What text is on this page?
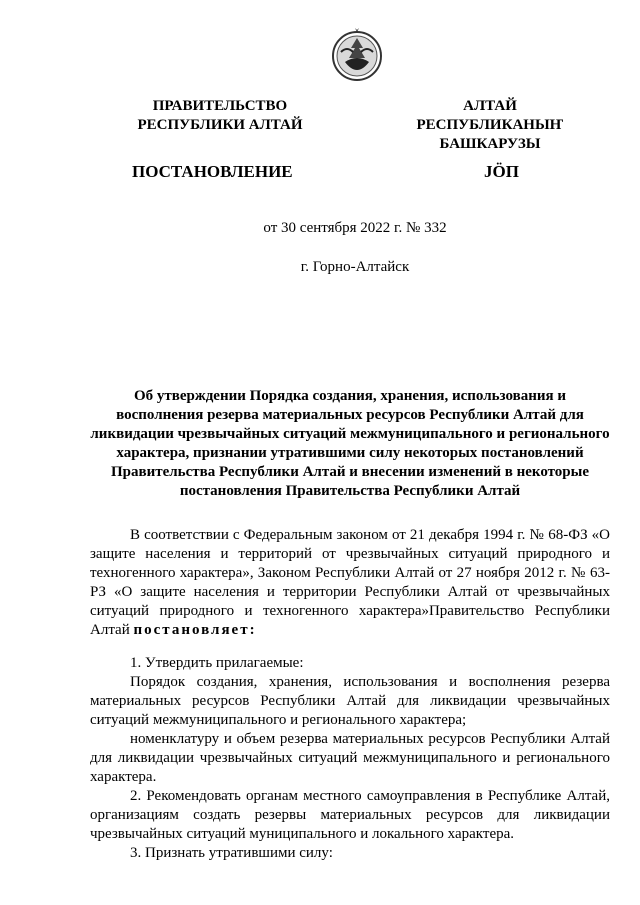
ПРАВИТЕЛЬСТВО
РЕСПУБЛИКИ АЛТАЙ
АЛТАЙ РЕСПУБЛИКАНЫҤ
БАШКАРУЗЫ
ПОСТАНОВЛЕНИЕ	JÖП
от 30 сентября 2022 г. № 332
г. Горно-Алтайск
Об утверждении Порядка создания, хранения, использования и восполнения резерва материальных ресурсов Республики Алтай для ликвидации чрезвычайных ситуаций межмуниципального и регионального характера, признании утратившими силу некоторых постановлений Правительства Республики Алтай и внесении изменений в некоторые постановления Правительства Республики Алтай
В соответствии с Федеральным законом от 21 декабря 1994 г. № 68-ФЗ «О защите населения и территорий от чрезвычайных ситуаций природного и техногенного характера», Законом Республики Алтай от 27 ноября 2012 г. № 63-РЗ «О защите населения и территории Республики Алтай от чрезвычайных ситуаций природного и техногенного характера»Правительство Республики Алтай постановляет:

1. Утвердить прилагаемые:

Порядок создания, хранения, использования и восполнения резерва материальных ресурсов Республики Алтай для ликвидации чрезвычайных ситуаций межмуниципального и регионального характера;

номенклатуру и объем резерва материальных ресурсов Республики Алтай для ликвидации чрезвычайных ситуаций межмуниципального и регионального характера.

2. Рекомендовать органам местного самоуправления в Республике Алтай, организациям создать резервы материальных ресурсов для ликвидации чрезвычайных ситуаций муниципального и локального характера.

3. Признать утратившими силу:
